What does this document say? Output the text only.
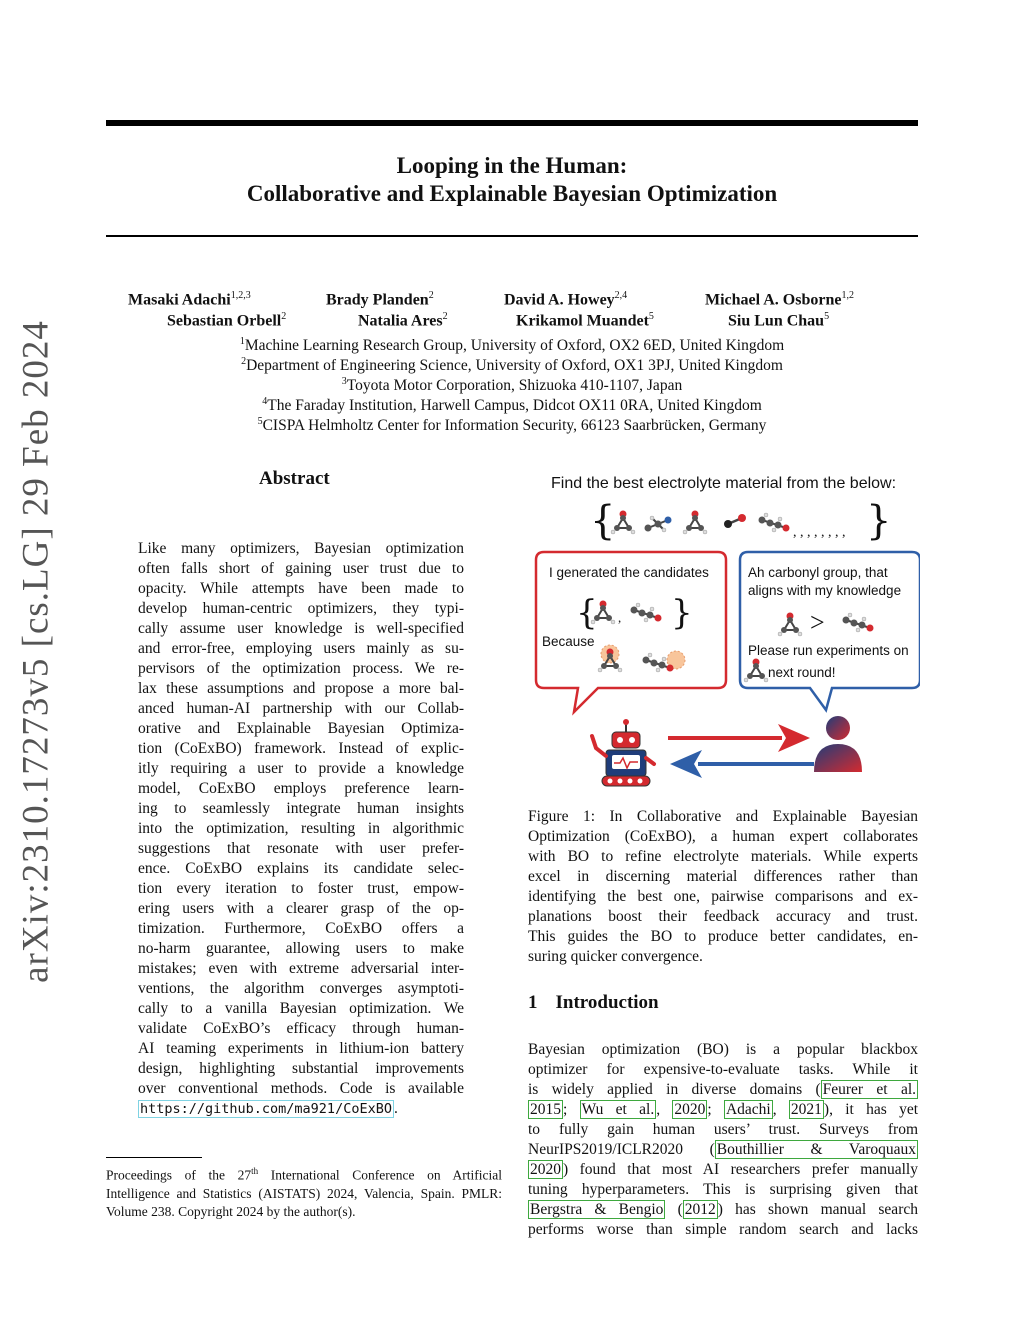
arXiv:2310.17273v5 [cs.LG] 29 Feb 2024
Looping in the Human:
Collaborative and Explainable Bayesian Optimization
Masaki Adachi$^{1,2,3}$	Brady Planden$^2$	David A. Howey$^{2,4}$	Michael A. Osborne$^{1,2}$
Sebastian Orbell$^2$	Natalia Ares$^2$	Krikamol Muandet$^5$	Siu Lun Chau$^5$
$^1$Machine Learning Research Group, University of Oxford, OX2 6ED, United Kingdom
$^2$Department of Engineering Science, University of Oxford, OX1 3PJ, United Kingdom
$^3$Toyota Motor Corporation, Shizuoka 410-1107, Japan
$^4$The Faraday Institution, Harwell Campus, Didcot OX11 0RA, United Kingdom
$^5$CISPA Helmholtz Center for Information Security, 66123 Saarbrücken, Germany
Abstract
Like many optimizers, Bayesian optimization
often falls short of gaining user trust due to
opacity. While attempts have been made to
develop human-centric optimizers, they typi-
cally assume user knowledge is well-specified
and error-free, employing users mainly as su-
pervisors of the optimization process. We re-
lax these assumptions and propose a more bal-
anced human-AI partnership with our Collab-
orative and Explainable Bayesian Optimiza-
tion (CoExBO) framework. Instead of explic-
itly requiring a user to provide a knowledge
model, CoExBO employs preference learn-
ing to seamlessly integrate human insights
into the optimization, resulting in algorithmic
suggestions that resonate with user prefer-
ence. CoExBO explains its candidate selec-
tion every iteration to foster trust, empow-
ering users with a clearer grasp of the op-
timization. Furthermore, CoExBO offers a
no-harm guarantee, allowing users to make
mistakes; even with extreme adversarial inter-
ventions, the algorithm converges asymptoti-
cally to a vanilla Bayesian optimization. We
validate CoExBO’s efficacy through human-
AI teaming experiments in lithium-ion battery
design, highlighting substantial improvements
over conventional methods. Code is available
https://github.com/ma921/CoExBO .
Proceedings of the 27th International Conference on Artificial Intelligence and Statistics (AISTATS) 2024, Valencia, Spain. PMLR: Volume 238. Copyright 2024 by the author(s).
Find the best electrolyte material from the below:
{	, , , , , , , , }
I generated the candidates
{ , }
Because
Ah carbonyl group, that
aligns with my knowledge
>
Please run experiments on
next round!
Figure 1: In Collaborative and Explainable Bayesian
Optimization (CoExBO), a human expert collaborates
with BO to refine electrolyte materials. While experts
excel in discerning material differences rather than
identifying the best one, pairwise comparisons and ex-
planations boost their feedback accuracy and trust.
This guides the BO to produce better candidates, en-
suring quicker convergence.
1 Introduction
Bayesian optimization (BO) is a popular blackbox
optimizer for expensive-to-evaluate tasks. While it
is widely applied in diverse domains ( Feurer et al.
2015 ; Wu et al. , 2020 ; Adachi , 2021 ), it has yet
to fully gain human users’ trust. Surveys from
NeurIPS2019/ICLR2020 ( Bouthillier & Varoquaux
2020 ) found that most AI researchers prefer manually
tuning hyperparameters. This is surprising given that
Bergstra & Bengio ( 2012 ) has shown manual search
performs worse than simple random search and lacks
